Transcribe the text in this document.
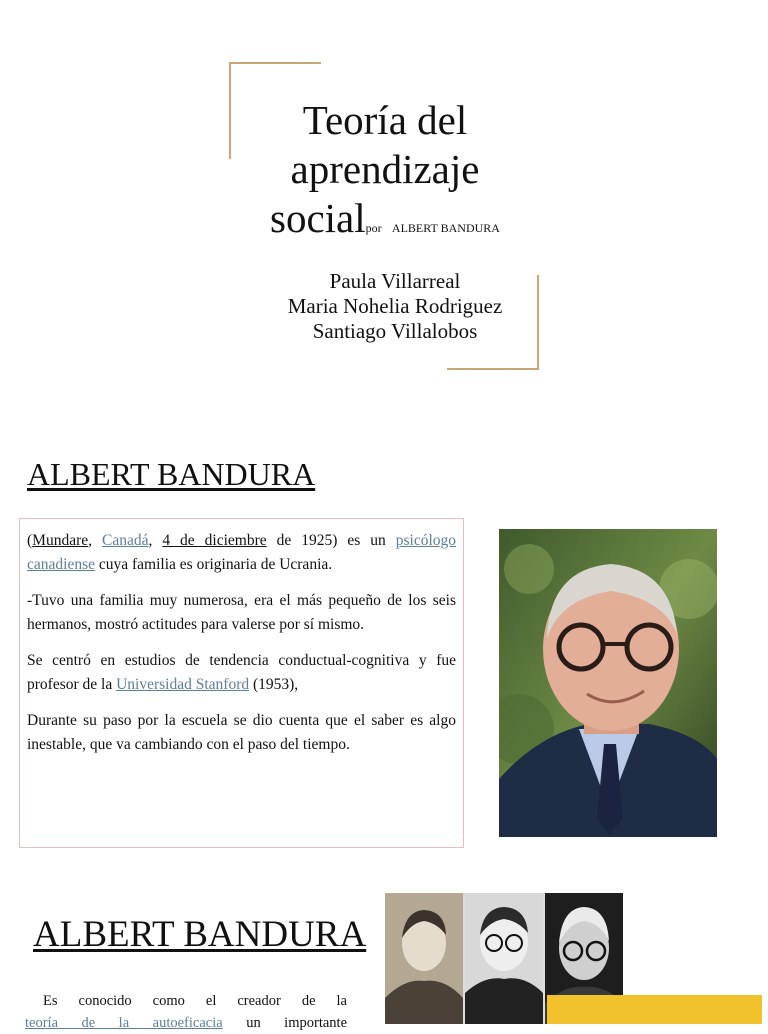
Teoría del
aprendizaje
socialpor ALBERT BANDURA
Paula Villarreal
Maria Nohelia Rodriguez
Santiago Villalobos
ALBERT BANDURA

(Mundare, Canadá, 4 de diciembre de 1925) es un psicólogo canadiense cuya familia es originaria de Ucrania.

-Tuvo una familia muy numerosa, era el más pequeño de los seis hermanos, mostró actitudes para valerse por sí mismo.

Se centró en estudios de tendencia conductual-cognitiva y fue profesor de la Universidad Stanford (1953),

Durante su paso por la escuela se dio cuenta que el saber es algo inestable, que va cambiando con el paso del tiempo.

ALBERT BANDURA
Es conocido como el creador de la
teoría de la autoeficacia un importante
